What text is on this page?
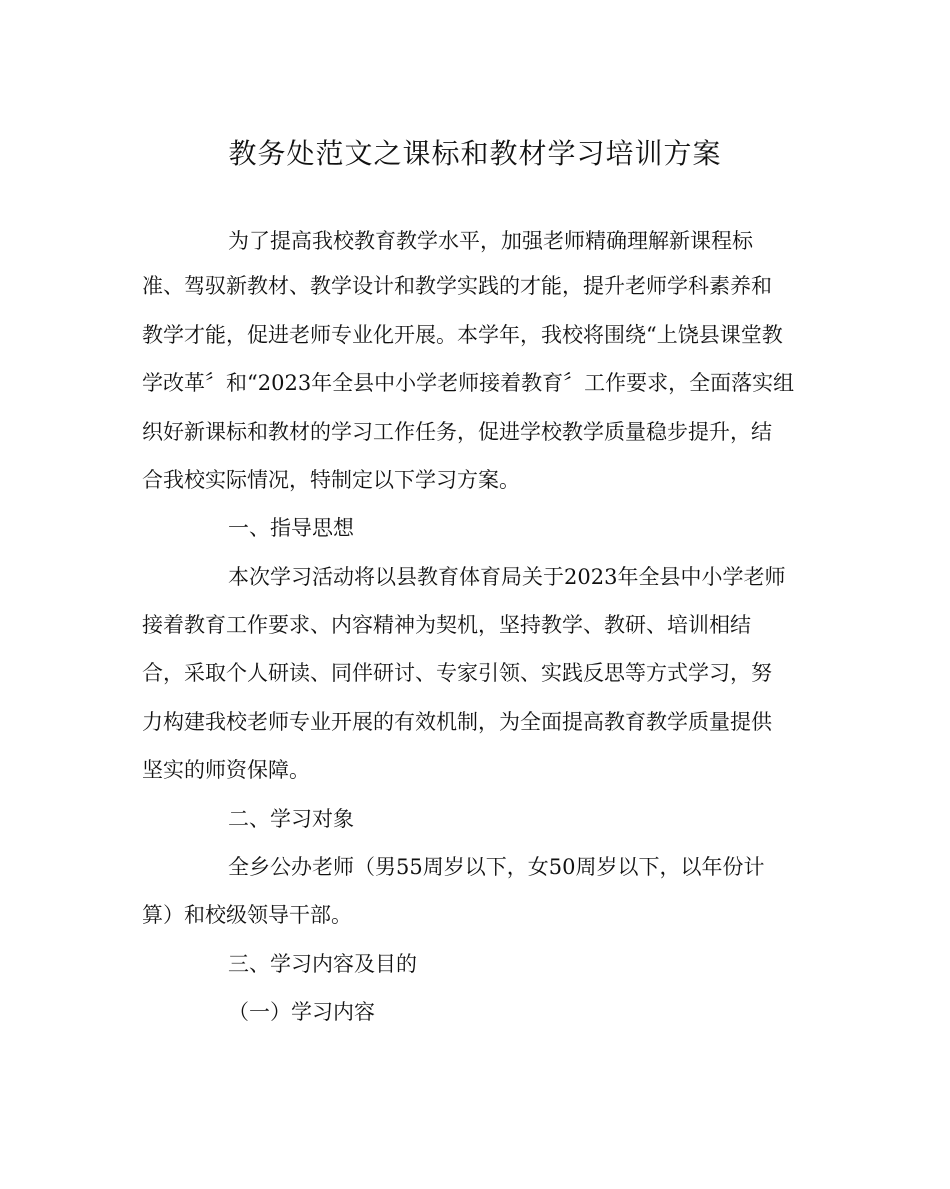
教务处范文之课标和教材学习培训方案

为了提高我校教育教学水平，加强老师精确理解新课程标

准、驾驭新教材、教学设计和教学实践的才能，提升老师学科素养和

教学才能，促进老师专业化开展。本学年，我校将围绕“上饶县课堂教

学改革〞和“2023年全县中小学老师接着教育〞工作要求，全面落实组

织好新课标和教材的学习工作任务，促进学校教学质量稳步提升，结

合我校实际情况，特制定以下学习方案。

一、指导思想

本次学习活动将以县教育体育局关于2023年全县中小学老师

接着教育工作要求、内容精神为契机，坚持教学、教研、培训相结

合，采取个人研读、同伴研讨、专家引领、实践反思等方式学习，努

力构建我校老师专业开展的有效机制，为全面提高教育教学质量提供

坚实的师资保障。

二、学习对象

全乡公办老师（男55周岁以下，女50周岁以下，以年份计

算）和校级领导干部。

三、学习内容及目的

（一）学习内容
